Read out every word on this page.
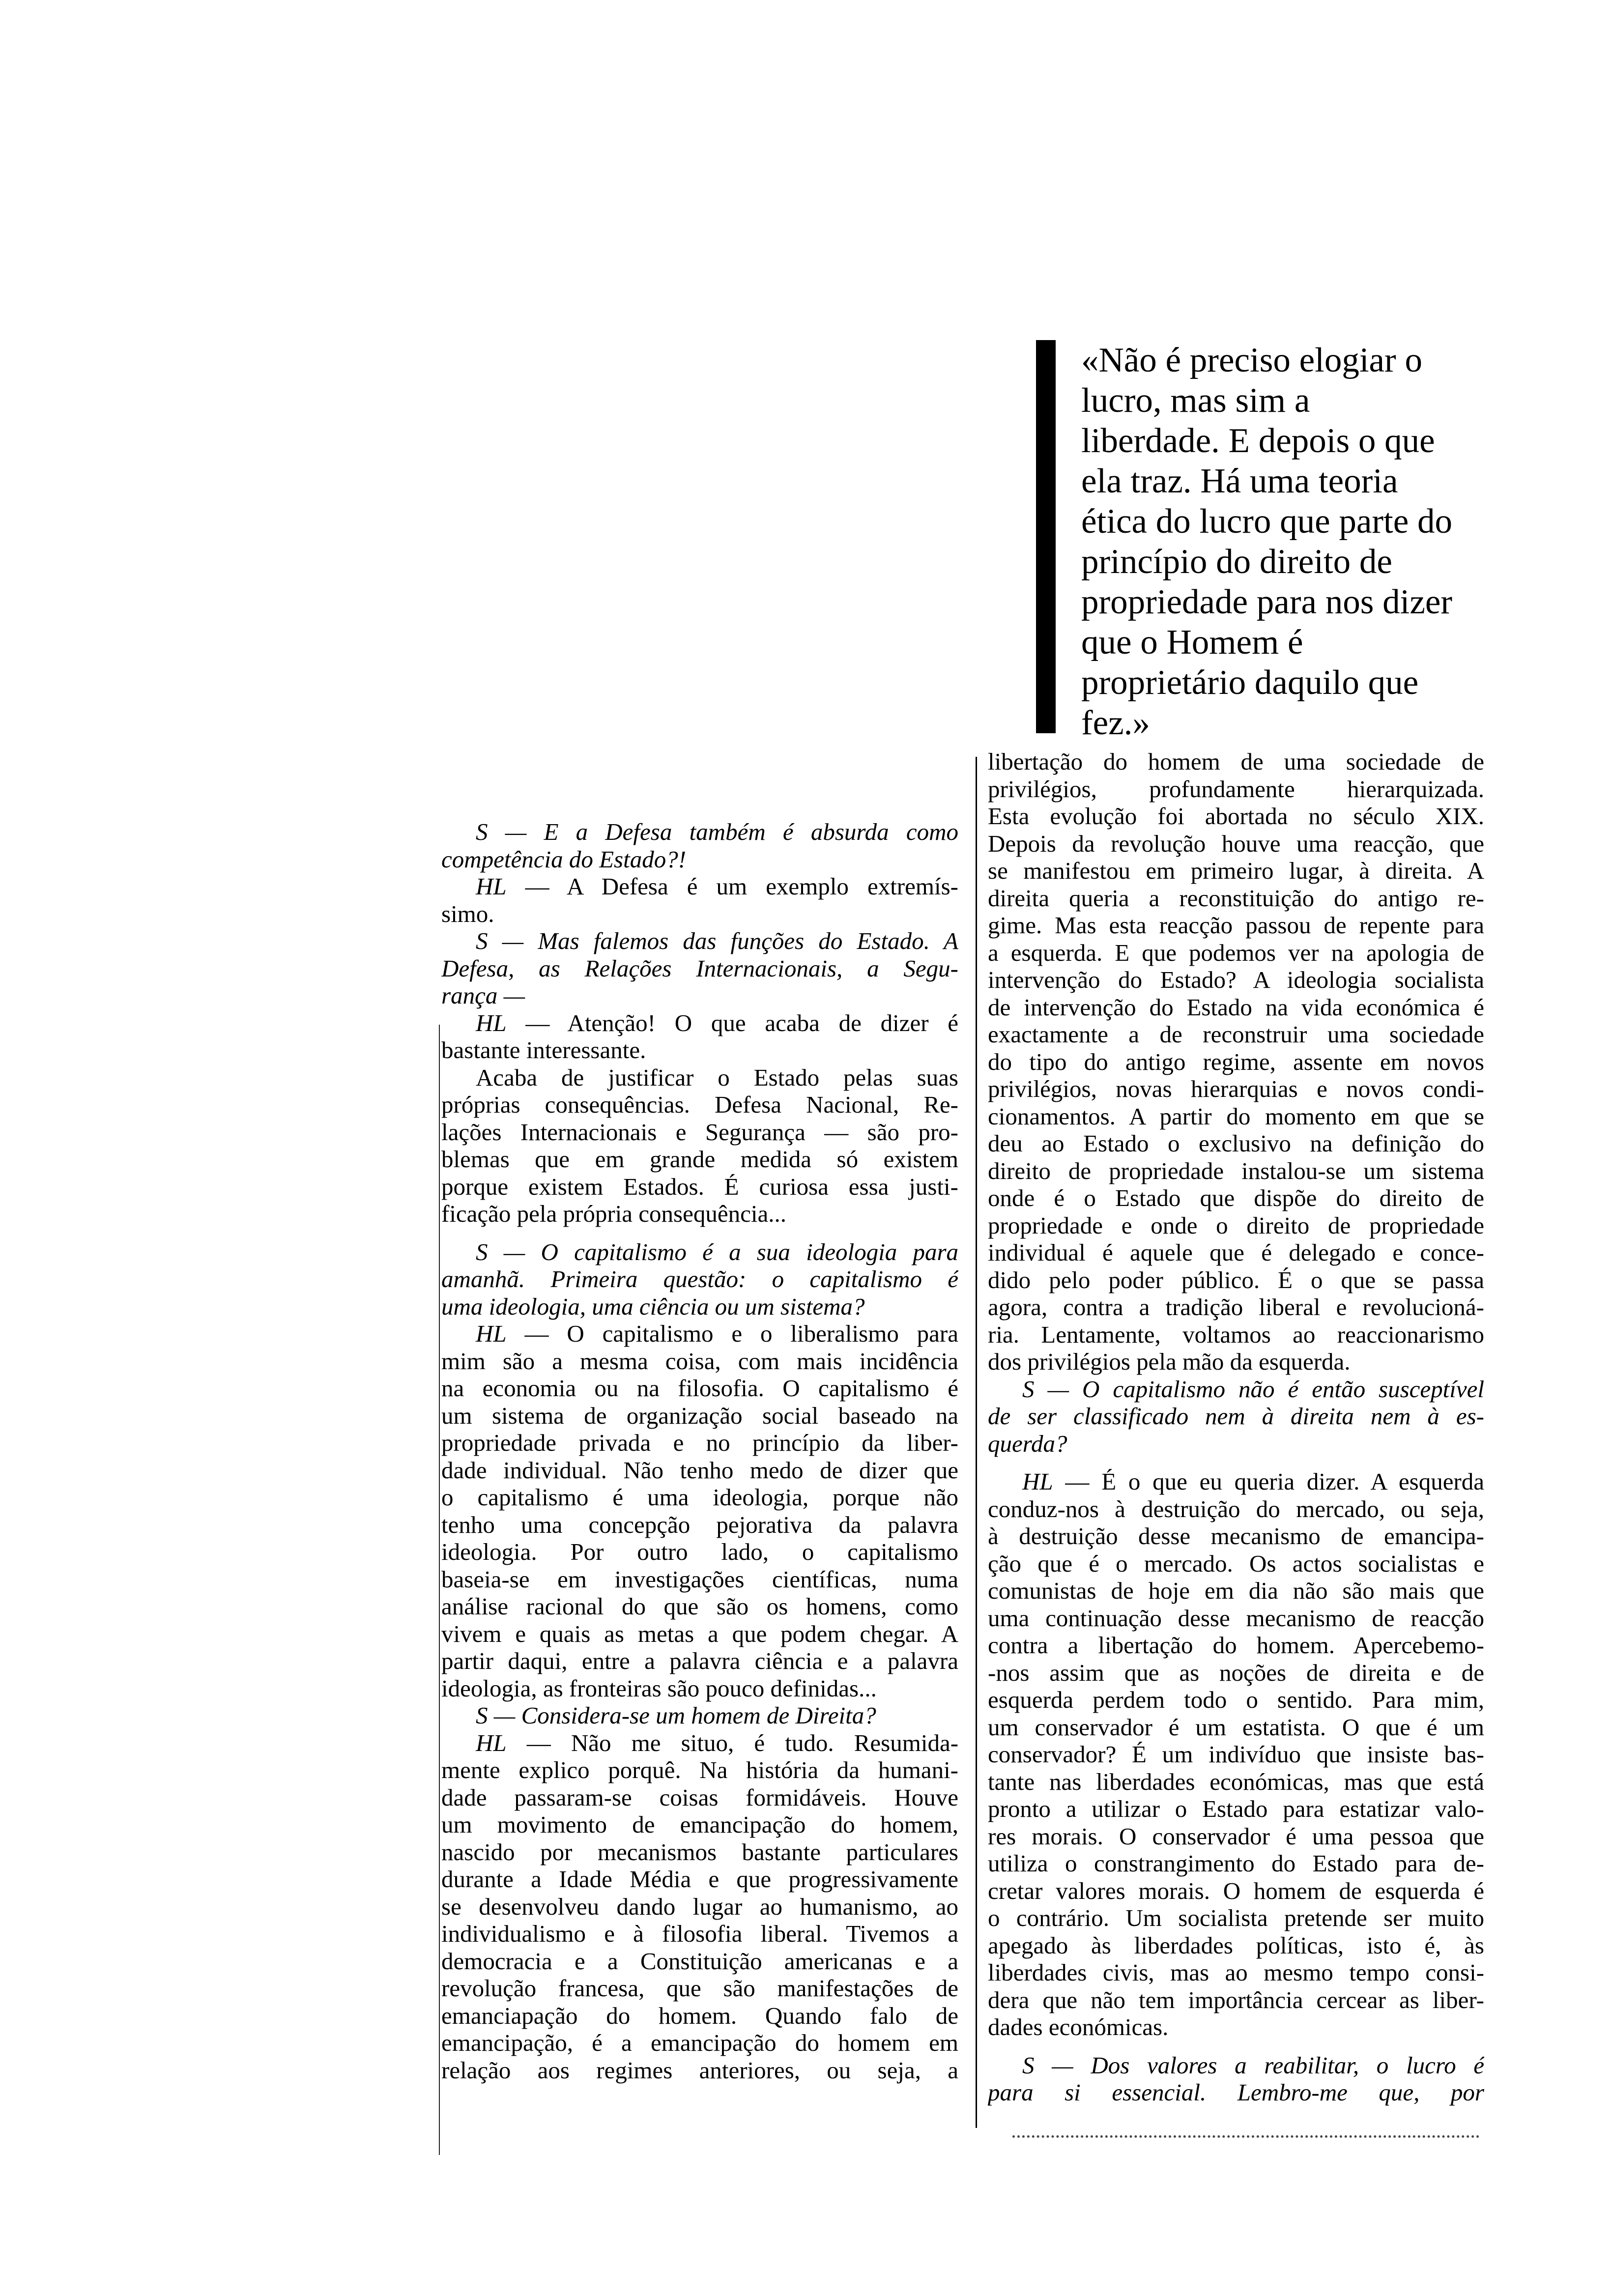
«Não é preciso elogiar o
lucro, mas sim a
liberdade. E depois o que
ela traz. Há uma teoria
ética do lucro que parte do
princípio do direito de
propriedade para nos dizer
que o Homem é
proprietário daquilo que
fez.»
S — E a Defesa também é absurda como
competência do Estado?!
HL — A Defesa é um exemplo extremís-
simo.
S — Mas falemos das funções do Estado. A
Defesa, as Relações Internacionais, a Segu-
rança —
HL — Atenção! O que acaba de dizer é
bastante interessante.
Acaba de justificar o Estado pelas suas
próprias consequências. Defesa Nacional, Re-
lações Internacionais e Segurança — são pro-
blemas que em grande medida só existem
porque existem Estados. É curiosa essa justi-
ficação pela própria consequência...
S — O capitalismo é a sua ideologia para
amanhã. Primeira questão: o capitalismo é
uma ideologia, uma ciência ou um sistema?
HL — O capitalismo e o liberalismo para
mim são a mesma coisa, com mais incidência
na economia ou na filosofia. O capitalismo é
um sistema de organização social baseado na
propriedade privada e no princípio da liber-
dade individual. Não tenho medo de dizer que
o capitalismo é uma ideologia, porque não
tenho uma concepção pejorativa da palavra
ideologia. Por outro lado, o capitalismo
baseia-se em investigações científicas, numa
análise racional do que são os homens, como
vivem e quais as metas a que podem chegar. A
partir daqui, entre a palavra ciência e a palavra
ideologia, as fronteiras são pouco definidas...
S — Considera-se um homem de Direita?
HL — Não me situo, é tudo. Resumida-
mente explico porquê. Na história da humani-
dade passaram-se coisas formidáveis. Houve
um movimento de emancipação do homem,
nascido por mecanismos bastante particulares
durante a Idade Média e que progressivamente
se desenvolveu dando lugar ao humanismo, ao
individualismo e à filosofia liberal. Tivemos a
democracia e a Constituição americanas e a
revolução francesa, que são manifestações de
emanciapação do homem. Quando falo de
emancipação, é a emancipação do homem em
relação aos regimes anteriores, ou seja, a
libertação do homem de uma sociedade de
privilégios, profundamente hierarquizada.
Esta evolução foi abortada no século XIX.
Depois da revolução houve uma reacção, que
se manifestou em primeiro lugar, à direita. A
direita queria a reconstituição do antigo re-
gime. Mas esta reacção passou de repente para
a esquerda. E que podemos ver na apologia de
intervenção do Estado? A ideologia socialista
de intervenção do Estado na vida económica é
exactamente a de reconstruir uma sociedade
do tipo do antigo regime, assente em novos
privilégios, novas hierarquias e novos condi-
cionamentos. A partir do momento em que se
deu ao Estado o exclusivo na definição do
direito de propriedade instalou-se um sistema
onde é o Estado que dispõe do direito de
propriedade e onde o direito de propriedade
individual é aquele que é delegado e conce-
dido pelo poder público. É o que se passa
agora, contra a tradição liberal e revolucioná-
ria. Lentamente, voltamos ao reaccionarismo
dos privilégios pela mão da esquerda.
S — O capitalismo não é então susceptível
de ser classificado nem à direita nem à es-
querda?
HL — É o que eu queria dizer. A esquerda
conduz-nos à destruição do mercado, ou seja,
à destruição desse mecanismo de emancipa-
ção que é o mercado. Os actos socialistas e
comunistas de hoje em dia não são mais que
uma continuação desse mecanismo de reacção
contra a libertação do homem. Apercebemo-
-nos assim que as noções de direita e de
esquerda perdem todo o sentido. Para mim,
um conservador é um estatista. O que é um
conservador? É um indivíduo que insiste bas-
tante nas liberdades económicas, mas que está
pronto a utilizar o Estado para estatizar valo-
res morais. O conservador é uma pessoa que
utiliza o constrangimento do Estado para de-
cretar valores morais. O homem de esquerda é
o contrário. Um socialista pretende ser muito
apegado às liberdades políticas, isto é, às
liberdades civis, mas ao mesmo tempo consi-
dera que não tem importância cercear as liber-
dades económicas.
S — Dos valores a reabilitar, o lucro é
para si essencial. Lembro-me que, por
